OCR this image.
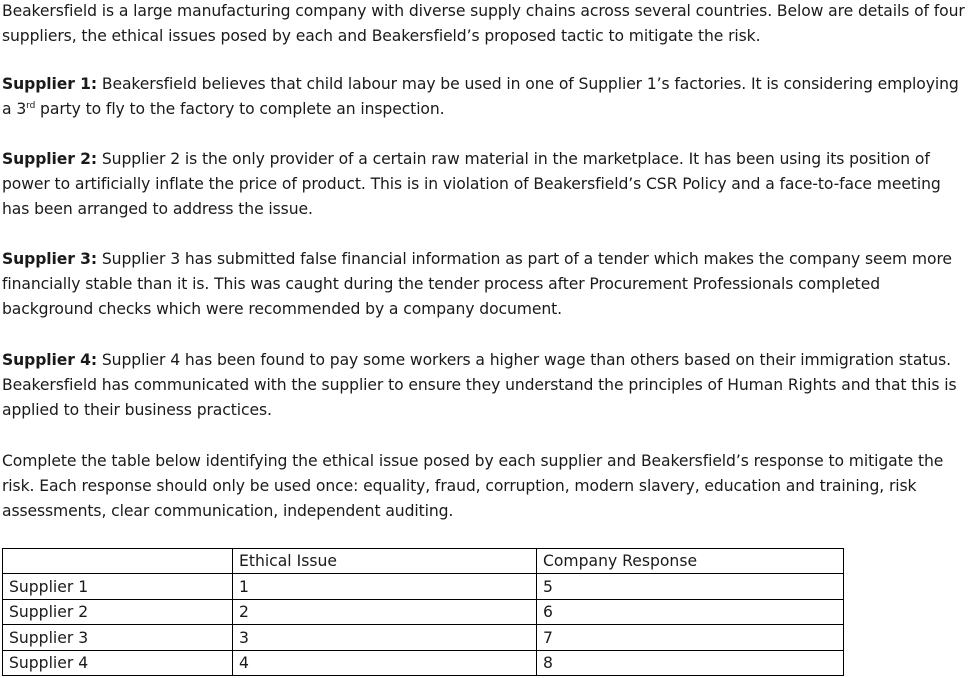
Beakersfield is a large manufacturing company with diverse supply chains across several countries. Below are details of four suppliers, the ethical issues posed by each and Beakersfield’s proposed tactic to mitigate the risk.

Supplier 1: Beakersfield believes that child labour may be used in one of Supplier 1’s factories. It is considering employing a 3rd party to fly to the factory to complete an inspection.

Supplier 2: Supplier 2 is the only provider of a certain raw material in the marketplace. It has been using its position of power to artificially inflate the price of product. This is in violation of Beakersfield’s CSR Policy and a face-to-face meeting has been arranged to address the issue.

Supplier 3: Supplier 3 has submitted false financial information as part of a tender which makes the company seem more financially stable than it is. This was caught during the tender process after Procurement Professionals completed background checks which were recommended by a company document.

Supplier 4: Supplier 4 has been found to pay some workers a higher wage than others based on their immigration status. Beakersfield has communicated with the supplier to ensure they understand the principles of Human Rights and that this is applied to their business practices.

Complete the table below identifying the ethical issue posed by each supplier and Beakersfield’s response to mitigate the risk. Each response should only be used once: equality, fraud, corruption, modern slavery, education and training, risk assessments, clear communication, independent auditing.

	Ethical Issue	Company Response
Supplier 1	1	5
Supplier 2	2	6
Supplier 3	3	7
Supplier 4	4	8
